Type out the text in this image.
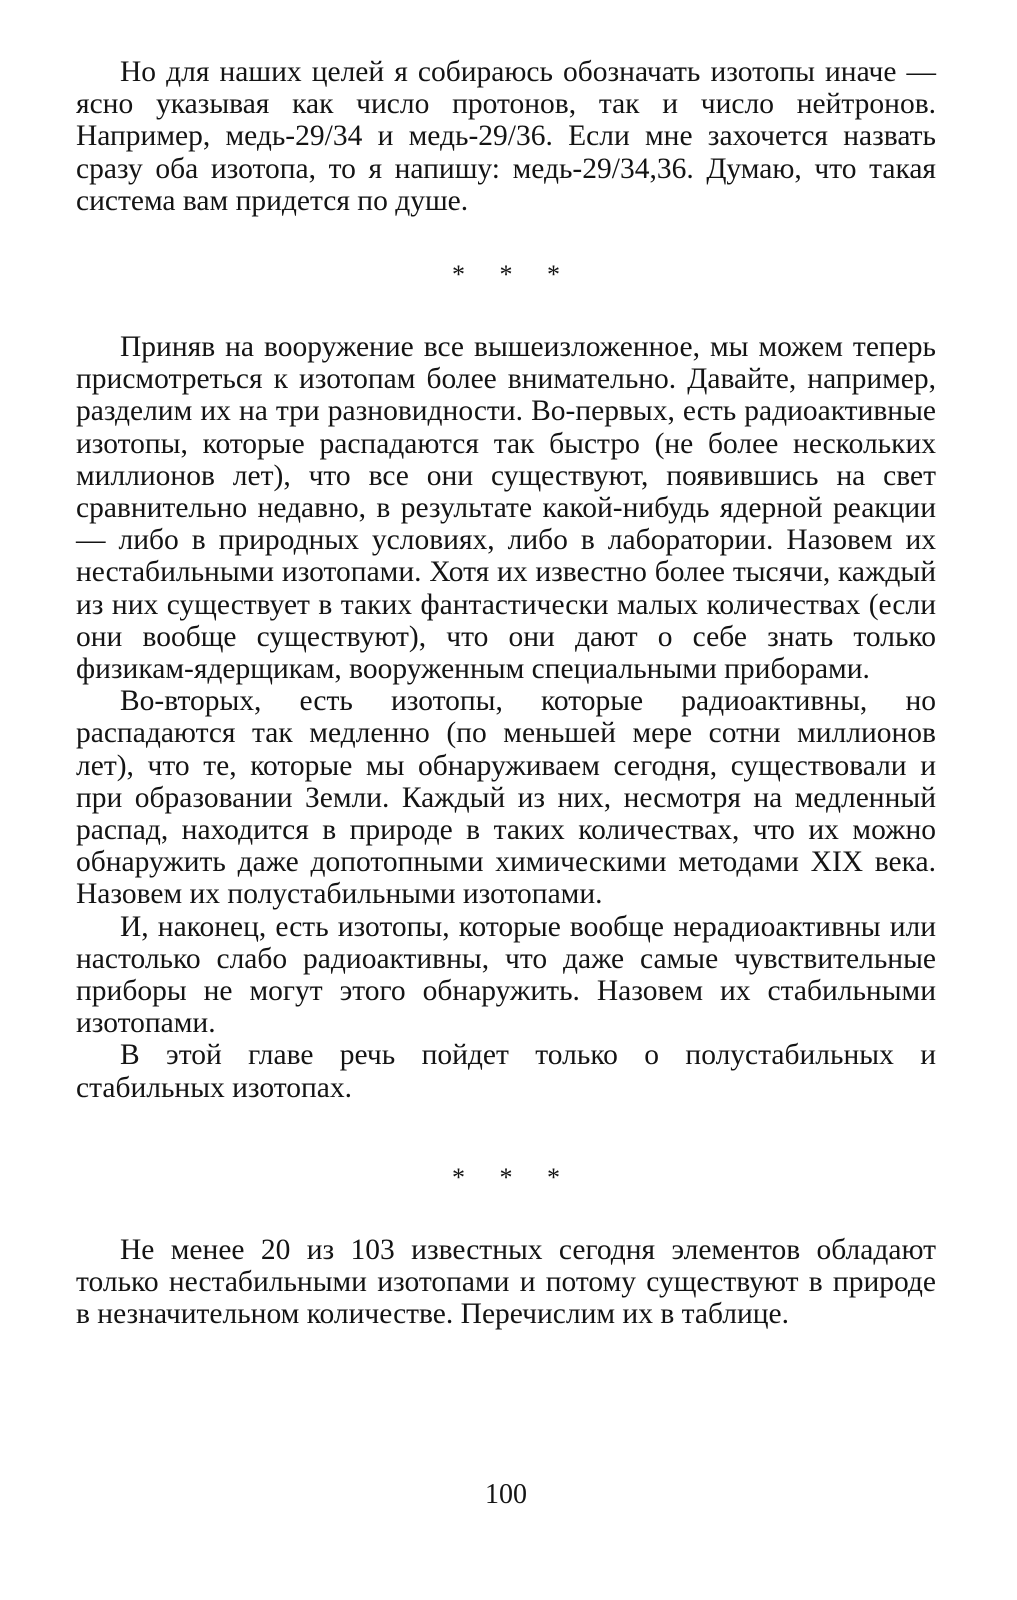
Но для наших целей я собираюсь обозначать изотопы иначе — ясно указывая как число протонов, так и число нейтронов. Например, медь-29/34 и медь-29/36. Если мне захочется назвать сразу оба изотопа, то я напишу: медь-29/34,36. Думаю, что такая система вам придется по душе.

* * *

Приняв на вооружение все вышеизложенное, мы можем теперь присмотреться к изотопам более внимательно. Давайте, например, разделим их на три разновидности. Во-первых, есть радиоактивные изотопы, которые распадаются так быстро (не более нескольких миллионов лет), что все они существуют, появившись на свет сравнительно недавно, в результате какой-нибудь ядерной реакции — либо в природных условиях, либо в лаборатории. Назовем их нестабильными изотопами. Хотя их известно более тысячи, каждый из них существует в таких фантастически малых количествах (если они вообще существуют), что они дают о себе знать только физикам-ядерщикам, вооруженным специальными приборами.

Во-вторых, есть изотопы, которые радиоактивны, но распадаются так медленно (по меньшей мере сотни миллионов лет), что те, которые мы обнаруживаем сегодня, существовали и при образовании Земли. Каждый из них, несмотря на медленный распад, находится в природе в таких количествах, что их можно обнаружить даже допотопными химическими методами XIX века. Назовем их полустабильными изотопами.

И, наконец, есть изотопы, которые вообще нерадиоактивны или настолько слабо радиоактивны, что даже самые чувствительные приборы не могут этого обнаружить. Назовем их стабильными изотопами.

В этой главе речь пойдет только о полустабильных и стабильных изотопах.

* * *

Не менее 20 из 103 известных сегодня элементов обладают только нестабильными изотопами и потому существуют в природе в незначительном количестве. Перечислим их в таблице.

100
